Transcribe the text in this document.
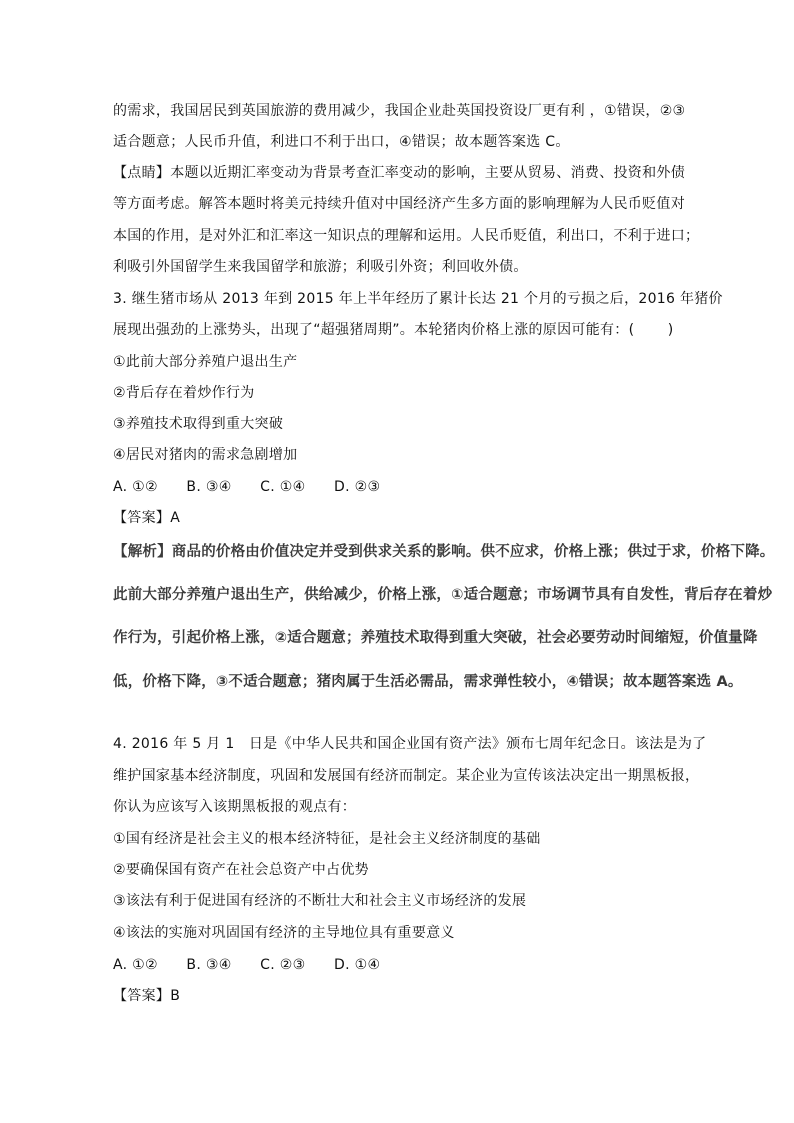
的需求，我国居民到英国旅游的费用减少，我国企业赴英国投资设厂更有利 ，①错误，②③
适合题意；人民币升值，利进口不利于出口，④错误；故本题答案选 C。
【点睛】本题以近期汇率变动为背景考查汇率变动的影响，主要从贸易、消费、投资和外债
等方面考虑。解答本题时将美元持续升值对中国经济产生多方面的影响理解为人民币贬值对
本国的作用，是对外汇和汇率这一知识点的理解和运用。人民币贬值，利出口，不利于进口；
利吸引外国留学生来我国留学和旅游；利吸引外资；利回收外债。
3. 继生猪市场从 2013 年到 2015 年上半年经历了累计长达 21 个月的亏损之后，2016 年猪价
展现出强劲的上涨势头，出现了“超强猪周期”。本轮猪肉价格上涨的原因可能有：(　　 )
①此前大部分养殖户退出生产
②背后存在着炒作行为
③养殖技术取得到重大突破
④居民对猪肉的需求急剧增加
A. ①②　　B. ③④　　C. ①④　　D. ②③
【答案】A
【解析】商品的价格由价值决定并受到供求关系的影响。供不应求，价格上涨；供过于求，价格下降。
此前大部分养殖户退出生产，供给减少，价格上涨，①适合题意；市场调节具有自发性，背后存在着炒
作行为，引起价格上涨，②适合题意；养殖技术取得到重大突破，社会必要劳动时间缩短，价值量降
低，价格下降，③不适合题意；猪肉属于生活必需品，需求弹性较小，④错误；故本题答案选 A。
4. 2016 年 5 月 1　日是《中华人民共和国企业国有资产法》颁布七周年纪念日。该法是为了
维护国家基本经济制度，巩固和发展国有经济而制定。某企业为宣传该法决定出一期黑板报，
你认为应该写入该期黑板报的观点有：
①国有经济是社会主义的根本经济特征，是社会主义经济制度的基础
②要确保国有资产在社会总资产中占优势
③该法有利于促进国有经济的不断壮大和社会主义市场经济的发展
④该法的实施对巩固国有经济的主导地位具有重要意义
A. ①②　　B. ③④　　C. ②③　　D. ①④
【答案】B
